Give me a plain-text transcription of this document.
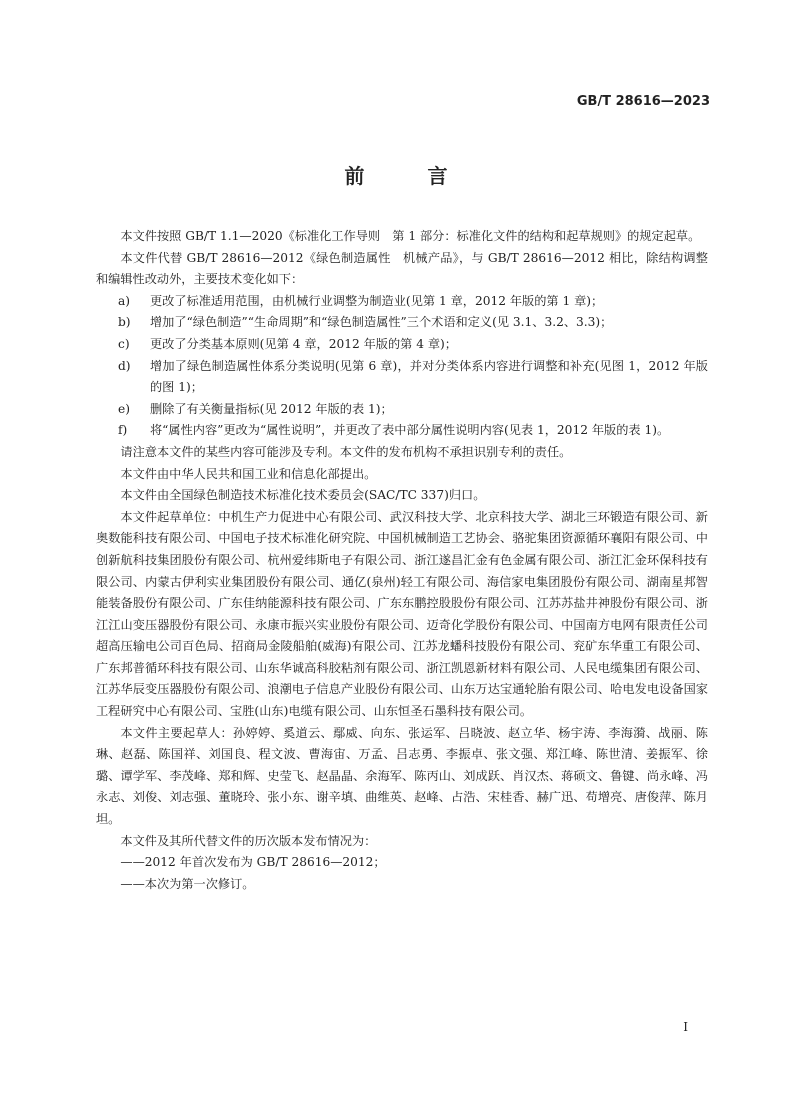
GB/T 28616—2023
前 言

本文件按照 GB/T 1.1—2020《标准化工作导则　第 1 部分：标准化文件的结构和起草规则》的规定起草。

本文件代替 GB/T 28616—2012《绿色制造属性　机械产品》，与 GB/T 28616—2012 相比，除结构调整和编辑性改动外，主要技术变化如下：

a) 更改了标准适用范围，由机械行业调整为制造业(见第 1 章，2012 年版的第 1 章)；
b) 增加了“绿色制造”“生命周期”和“绿色制造属性”三个术语和定义(见 3.1、3.2、3.3)；
c) 更改了分类基本原则(见第 4 章，2012 年版的第 4 章)；
d) 增加了绿色制造属性体系分类说明(见第 6 章)，并对分类体系内容进行调整和补充(见图 1，2012 年版的图 1)；
e) 删除了有关衡量指标(见 2012 年版的表 1)；
f) 将“属性内容”更改为“属性说明”，并更改了表中部分属性说明内容(见表 1，2012 年版的表 1)。

请注意本文件的某些内容可能涉及专利。本文件的发布机构不承担识别专利的责任。

本文件由中华人民共和国工业和信息化部提出。

本文件由全国绿色制造技术标准化技术委员会(SAC/TC 337)归口。

本文件起草单位：中机生产力促进中心有限公司、武汉科技大学、北京科技大学、湖北三环锻造有限公司、新奥数能科技有限公司、中国电子技术标准化研究院、中国机械制造工艺协会、骆驼集团资源循环襄阳有限公司、中创新航科技集团股份有限公司、杭州爱纬斯电子有限公司、浙江遂昌汇金有色金属有限公司、浙江汇金环保科技有限公司、内蒙古伊利实业集团股份有限公司、通亿(泉州)轻工有限公司、海信家电集团股份有限公司、湖南星邦智能装备股份有限公司、广东佳纳能源科技有限公司、广东东鹏控股股份有限公司、江苏苏盐井神股份有限公司、浙江江山变压器股份有限公司、永康市振兴实业股份有限公司、迈奇化学股份有限公司、中国南方电网有限责任公司超高压输电公司百色局、招商局金陵船舶(威海)有限公司、江苏龙蟠科技股份有限公司、兖矿东华重工有限公司、广东邦普循环科技有限公司、山东华诚高科胶粘剂有限公司、浙江凯恩新材料有限公司、人民电缆集团有限公司、江苏华辰变压器股份有限公司、浪潮电子信息产业股份有限公司、山东万达宝通轮胎有限公司、哈电发电设备国家工程研究中心有限公司、宝胜(山东)电缆有限公司、山东恒圣石墨科技有限公司。

本文件主要起草人：孙婷婷、奚道云、鄢威、向东、张运军、吕晓波、赵立华、杨宇涛、李海漪、战丽、陈琳、赵磊、陈国祥、刘国良、程文波、曹海宙、万孟、吕志勇、李振卓、张文强、郑江峰、陈世清、姜振军、徐璐、谭学军、李茂峰、郑和辉、史莹飞、赵晶晶、余海军、陈丙山、刘成跃、肖汉杰、蒋硕文、鲁键、尚永峰、冯永志、刘俊、刘志强、董晓玲、张小东、谢辛填、曲维英、赵峰、占浩、宋桂香、赫广迅、苟增亮、唐俊萍、陈月坦。

本文件及其所代替文件的历次版本发布情况为：

——2012 年首次发布为 GB/T 28616—2012；

——本次为第一次修订。

I
